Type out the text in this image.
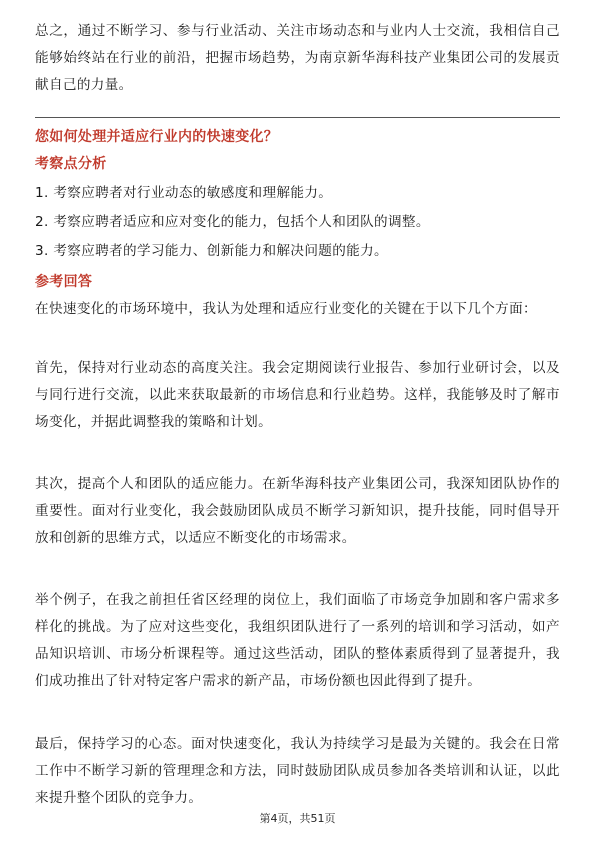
总之，通过不断学习、参与行业活动、关注市场动态和与业内人士交流，我相信自己能够始终站在行业的前沿，把握市场趋势，为南京新华海科技产业集团公司的发展贡献自己的力量。

您如何处理并适应行业内的快速变化？

考察点分析

1. 考察应聘者对行业动态的敏感度和理解能力。

2. 考察应聘者适应和应对变化的能力，包括个人和团队的调整。

3. 考察应聘者的学习能力、创新能力和解决问题的能力。

参考回答

在快速变化的市场环境中，我认为处理和适应行业变化的关键在于以下几个方面：

首先，保持对行业动态的高度关注。我会定期阅读行业报告、参加行业研讨会，以及与同行进行交流，以此来获取最新的市场信息和行业趋势。这样，我能够及时了解市场变化，并据此调整我的策略和计划。

其次，提高个人和团队的适应能力。在新华海科技产业集团公司，我深知团队协作的重要性。面对行业变化，我会鼓励团队成员不断学习新知识，提升技能，同时倡导开放和创新的思维方式，以适应不断变化的市场需求。

举个例子，在我之前担任省区经理的岗位上，我们面临了市场竞争加剧和客户需求多样化的挑战。为了应对这些变化，我组织团队进行了一系列的培训和学习活动，如产品知识培训、市场分析课程等。通过这些活动，团队的整体素质得到了显著提升，我们成功推出了针对特定客户需求的新产品，市场份额也因此得到了提升。

最后，保持学习的心态。面对快速变化，我认为持续学习是最为关键的。我会在日常工作中不断学习新的管理理念和方法，同时鼓励团队成员参加各类培训和认证，以此来提升整个团队的竞争力。

第4页，共51页
